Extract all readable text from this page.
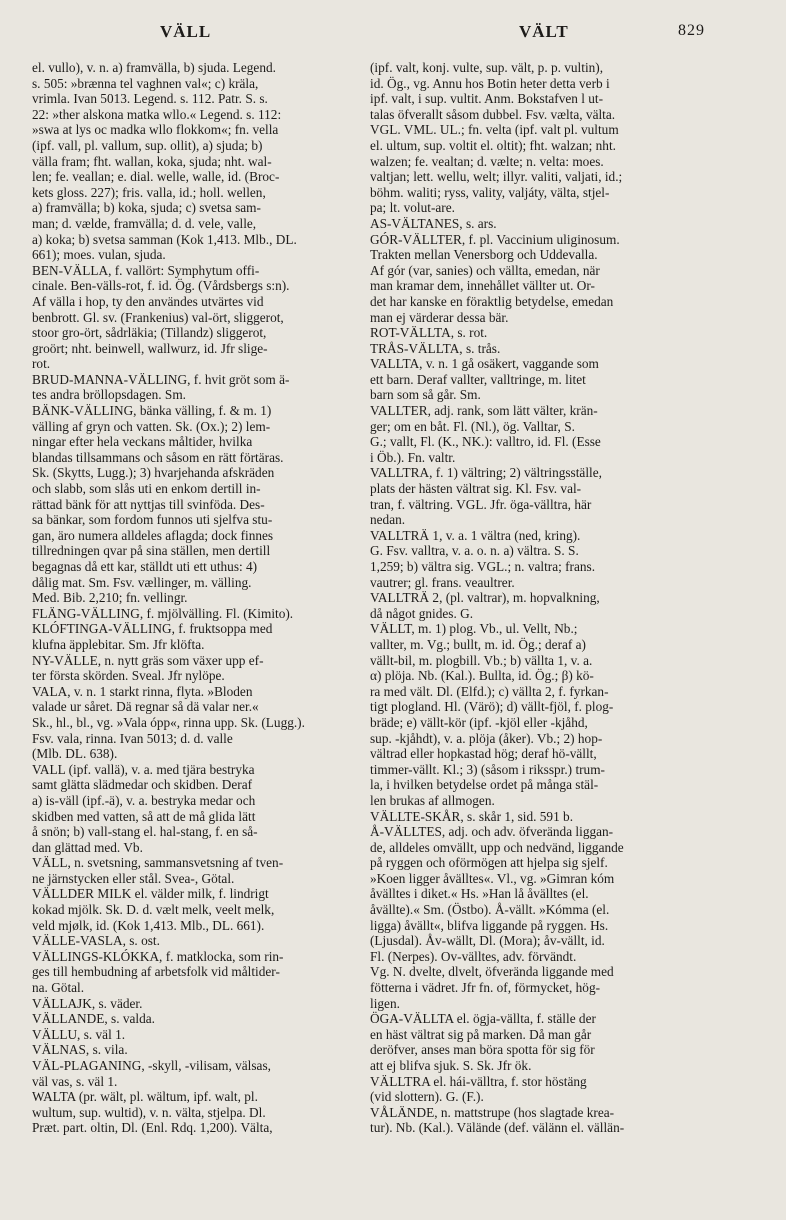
VÄLL	VÄLT	829
el. vullo), v. n. a) framvälla, b) sjuda. Legend.
s. 505: »brænna tel vaghnen val«; c) kräla,
vrimla. Ivan 5013. Legend. s. 112. Patr. S. s.
22: »ther alskona matka wllo.« Legend. s. 112:
»swa at lys oc madka wllo flokkom«; fn. vella
(ipf. vall, pl. vallum, sup. ollit), a) sjuda; b)
välla fram; fht. wallan, koka, sjuda; nht. wal-
len; fe. veallan; e. dial. welle, walle, id. (Broc-
kets gloss. 227); fris. valla, id.; holl. wellen,
a) framvälla; b) koka, sjuda; c) svetsa sam-
man; d. vælde, framvälla; d. d. vele, valle,
a) koka; b) svetsa samman (Kok 1,413. Mlb., DL.
661); moes. vulan, sjuda.
BEN-VÄLLA, f. vallört: Symphytum offi-
cinale. Ben-välls-rot, f. id. Ög. (Vårdsbergs s:n).
Af välla i hop, ty den användes utvärtes vid
benbrott. Gl. sv. (Frankenius) val-ört, sliggerot,
stoor gro-ört, sådrläkia; (Tillandz) sliggerot,
groört; nht. beinwell, wallwurz, id. Jfr slige-
rot.
BRUD-MANNA-VÄLLING, f. hvit gröt som ä-
tes andra bröllopsdagen. Sm.
BÄNK-VÄLLING, bänka välling, f. & m. 1)
välling af gryn och vatten. Sk. (Ox.); 2) lem-
ningar efter hela veckans måltider, hvilka
blandas tillsammans och såsom en rätt förtäras.
Sk. (Skytts, Lugg.); 3) hvarjehanda afskräden
och slabb, som slås uti en enkom dertill in-
rättad bänk för att nyttjas till svinföda. Des-
sa bänkar, som fordom funnos uti sjelfva stu-
gan, äro numera alldeles aflagda; dock finnes
tillredningen qvar på sina ställen, men dertill
begagnas då ett kar, ställdt uti ett uthus: 4)
dålig mat. Sm. Fsv. vællinger, m. välling.
Med. Bib. 2,210; fn. vellingr.
FLÄNG-VÄLLING, f. mjölvälling. Fl. (Kimito).
KLÓFTINGA-VÄLLING, f. fruktsoppa med
klufna äpplebitar. Sm. Jfr klöfta.
NY-VÄLLE, n. nytt gräs som växer upp ef-
ter första skörden. Sveal. Jfr nylöpe.
VALA, v. n. 1 starkt rinna, flyta. »Bloden
valade ur såret. Dä regnar så dä valar ner.«
Sk., hl., bl., vg. »Vala ópp«, rinna upp. Sk. (Lugg.).
Fsv. vala, rinna. Ivan 5013; d. d. valle
(Mlb. DL. 638).
VALL (ipf. vallä), v. a. med tjära bestryka
samt glätta slädmedar och skidben. Deraf
a) is-väll (ipf.-ä), v. a. bestryka medar och
skidben med vatten, så att de må glida lätt
å snön; b) vall-stang el. hal-stang, f. en så-
dan glättad med. Vb.
VÄLL, n. svetsning, sammansvetsning af tven-
ne järnstycken eller stål. Svea-, Götal.
VÄLLDER MILK el. välder milk, f. lindrigt
kokad mjölk. Sk. D. d. vælt melk, veelt melk,
veld mjølk, id. (Kok 1,413. Mlb., DL. 661).
VÄLLE-VASLA, s. ost.
VÄLLINGS-KLÓKKA, f. matklocka, som rin-
ges till hembudning af arbetsfolk vid måltider-
na. Götal.
VÄLLAJK, s. väder.
VÄLLANDE, s. valda.
VÄLLU, s. väl 1.
VÄLNAS, s. vila.
VÄL-PLAGANING, -skyll, -vilisam, välsas,
väl vas, s. väl 1.
WALTA (pr. wält, pl. wältum, ipf. walt, pl.
wultum, sup. wultid), v. n. välta, stjelpa. Dl.
Præt. part. oltin, Dl. (Enl. Rdq. 1,200). Välta,
(ipf. valt, konj. vulte, sup. vält, p. p. vultin),
id. Ög., vg. Annu hos Botin heter detta verb i
ipf. valt, i sup. vultit. Anm. Bokstafven l ut-
talas öfverallt såsom dubbel. Fsv. vælta, välta.
VGL. VML. UL.; fn. velta (ipf. valt pl. vultum
el. ultum, sup. voltit el. oltit); fht. walzan; nht.
walzen; fe. vealtan; d. vælte; n. velta: moes.
valtjan; lett. wellu, welt; illyr. valiti, valjati, id.;
böhm. waliti; ryss, vality, valjáty, välta, stjel-
pa; lt. volut-are.
AS-VÄLTANES, s. ars.
GÓR-VÄLLTER, f. pl. Vaccinium uliginosum.
Trakten mellan Venersborg och Uddevalla.
Af gór (var, sanies) och vällta, emedan, när
man kramar dem, innehållet vällter ut. Or-
det har kanske en föraktlig betydelse, emedan
man ej värderar dessa bär.
ROT-VÄLLTA, s. rot.
TRÅS-VÄLLTA, s. trås.
VALLTA, v. n. 1 gå osäkert, vaggande som
ett barn. Deraf vallter, valltringe, m. litet
barn som så går. Sm.
VALLTER, adj. rank, som lätt välter, krän-
ger; om en båt. Fl. (Nl.), ög. Valltar, S.
G.; vallt, Fl. (K., NK.): valltro, id. Fl. (Esse
i Öb.). Fn. valtr.
VALLTRA, f. 1) vältring; 2) vältringsställe,
plats der hästen vältrat sig. Kl. Fsv. val-
tran, f. vältring. VGL. Jfr. öga-välltra, här
nedan.
VALLTRÄ 1, v. a. 1 vältra (ned, kring).
G. Fsv. valltra, v. a. o. n. a) vältra. S. S.
1,259; b) vältra sig. VGL.; n. valtra; frans.
vautrer; gl. frans. veaultrer.
VALLTRÄ 2, (pl. valtrar), m. hopvalkning,
då något gnides. G.
VÄLLT, m. 1) plog. Vb., ul. Vellt, Nb.;
vallter, m. Vg.; bullt, m. id. Ög.; deraf a)
vällt-bil, m. plogbill. Vb.; b) vällta 1, v. a.
α) plöja. Nb. (Kal.). Bullta, id. Ög.; β) kö-
ra med vält. Dl. (Elfd.); c) vällta 2, f. fyrkan-
tigt plogland. Hl. (Värö); d) vällt-fjöl, f. plog-
bräde; e) vällt-kör (ipf. -kjöl eller -kjåhd,
sup. -kjåhdt), v. a. plöja (åker). Vb.; 2) hop-
vältrad eller hopkastad hög; deraf hö-vällt,
timmer-vällt. Kl.; 3) (såsom i riksspr.) trum-
la, i hvilken betydelse ordet på många stäl-
len brukas af allmogen.
VÄLLTE-SKÅR, s. skår 1, sid. 591 b.
Å-VÄLLTES, adj. och adv. öfverända liggan-
de, alldeles omvällt, upp och nedvänd, liggande
på ryggen och oförmögen att hjelpa sig sjelf.
»Koen ligger åvälltes«. Vl., vg. »Gimran kóm
åvälltes i diket.« Hs. »Han lå åvälltes (el.
åvällte).« Sm. (Östbo). Å-vällt. »Kómma (el.
ligga) åvällt«, blifva liggande på ryggen. Hs.
(Ljusdal). Åv-wällt, Dl. (Mora); åv-vällt, id.
Fl. (Nerpes). Ov-välltes, adv. förvändt.
Vg. N. dvelte, dlvelt, öfverända liggande med
fötterna i vädret. Jfr fn. of, förmycket, hög-
ligen.
ÖGA-VÄLLTA el. ögja-vällta, f. ställe der
en häst vältrat sig på marken. Då man går
deröfver, anses man böra spotta för sig för
att ej blifva sjuk. S. Sk. Jfr ök.
VÄLLTRA el. hái-välltra, f. stor höstäng
(vid slottern). G. (F.).
VÅLÄNDE, n. mattstrupe (hos slagtade krea-
tur). Nb. (Kal.). Välände (def. välänn el. vällän-
